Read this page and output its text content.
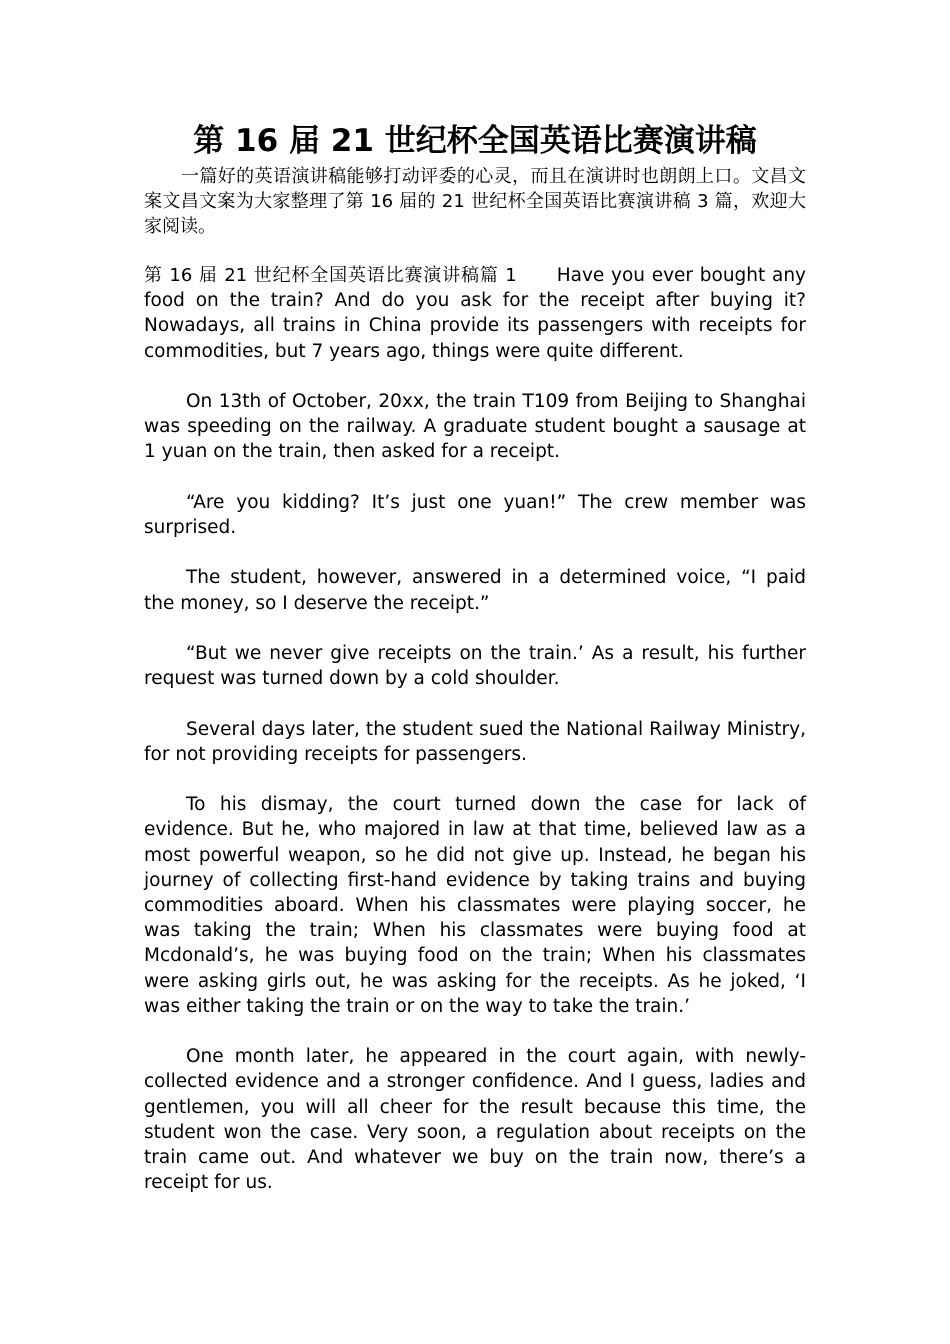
第 16 届 21 世纪杯全国英语比赛演讲稿

一篇好的英语演讲稿能够打动评委的心灵，而且在演讲时也朗朗上口。文昌文案文昌文案为大家整理了第 16 届的 21 世纪杯全国英语比赛演讲稿 3 篇，欢迎大家阅读。

第 16 届 21 世纪杯全国英语比赛演讲稿篇 1 Have you ever bought any food on the train? And do you ask for the receipt after buying it? Nowadays, all trains in China provide its passengers with receipts for commodities, but 7 years ago, things were quite different.

On 13th of October, 20xx, the train T109 from Beijing to Shanghai was speeding on the railway. A graduate student bought a sausage at 1 yuan on the train, then asked for a receipt.

“Are you kidding? It’s just one yuan!” The crew member was surprised.

The student, however, answered in a determined voice, “I paid the money, so I deserve the receipt.”

“But we never give receipts on the train.’ As a result, his further request was turned down by a cold shoulder.

Several days later, the student sued the National Railway Ministry, for not providing receipts for passengers.

To his dismay, the court turned down the case for lack of evidence. But he, who majored in law at that time, believed law as a most powerful weapon, so he did not give up. Instead, he began his journey of collecting first-hand evidence by taking trains and buying commodities aboard. When his classmates were playing soccer, he was taking the train; When his classmates were buying food at Mcdonald’s, he was buying food on the train; When his classmates were asking girls out, he was asking for the receipts. As he joked, ‘I was either taking the train or on the way to take the train.’

One month later, he appeared in the court again, with newly-collected evidence and a stronger confidence. And I guess, ladies and gentlemen, you will all cheer for the result because this time, the student won the case. Very soon, a regulation about receipts on the train came out. And whatever we buy on the train now, there’s a receipt for us.
